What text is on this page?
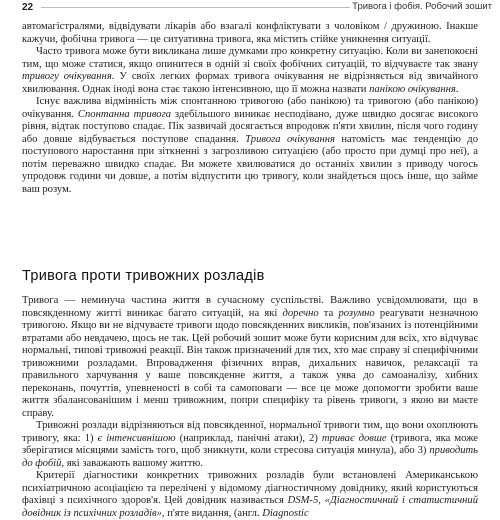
22	Тривога і фобія. Робочий зошит

автомагістралями, відвідувати лікарів або взагалі конфліктувати з чоловіком / дружиною. Інакше кажучи, фобічна тривога — це ситуативна тривога, яка містить стійке уникнення ситуації.

Часто тривога може бути викликана лише думками про конкретну ситуацію. Коли ви занепокоєні тим, що може статися, якщо опинитеся в одній зі своїх фобічних ситуацій, то відчуваєте так звану тривогу очікування. У своїх легких формах тривога очікування не відрізняється від звичайного хвилювання. Однак іноді вона стає такою інтенсивною, що її можна назвати панікою очікування.

Існує важлива відмінність між спонтанною тривогою (або панікою) та тривогою (або панікою) очікування. Спонтанна тривога здебільшого виникає несподівано, дуже швидко досягає високого рівня, відтак поступово спадає. Пік зазвичай досягається впродовж п'яти хвилин, після чого годину або довше відбувається поступове спадання. Тривога очікування натомість має тенденцію до поступового наростання при зіткненні з загрозливою ситуацією (або просто при думці про неї), а потім переважно швидко спадає. Ви можете хвилюватися до останніх хвилин з приводу чогось упродовж години чи довше, а потім відпустити цю тривогу, коли знайдеться щось інше, що займе ваш розум.

Тривога проти тривожних розладів

Тривога — неминуча частина життя в сучасному суспільстві. Важливо усвідомлювати, що в повсякденному житті виникає багато ситуацій, на які доречно та розумно реагувати незначною тривогою. Якщо ви не відчуваєте тривоги щодо повсякденних викликів, пов'язаних із потенційними втратами або невдачею, щось не так. Цей робочий зошит може бути корисним для всіх, хто відчуває нормальні, типові тривожні реакції. Він також призначений для тих, хто має справу зі специфічними тривожними розладами. Впровадження фізичних вправ, дихальних навичок, релаксації та правильного харчування у ваше повсякденне життя, а також уява до самоаналізу, хибних переконань, почуттів, упевненості в собі та самоповаги — все це може допомогти зробити ваше життя збалансованішим і менш тривожним, попри специфіку та рівень тривоги, з якою ви маєте справу.

Тривожні розлади відрізняються від повсякденної, нормальної тривоги тим, що вони охоплюють тривогу, яка: 1) є інтенсивнішою (наприклад, панічні атаки), 2) триває довше (тривога, яка може зберігатися місяцями замість того, щоб зникнути, коли стресова ситуація минула), або 3) приводить до фобій, які заважають вашому життю.

Критерії діагностики конкретних тривожних розладів були встановлені Американською психіатричною асоціацією та перелічені у відомому діагностичному довіднику, який користуються фахівці з психічного здоров'я. Цей довідник називається DSM-5, «Діагностичний і статистичний довідник із психічних розладів», п'яте видання, (англ. Diagnostic
